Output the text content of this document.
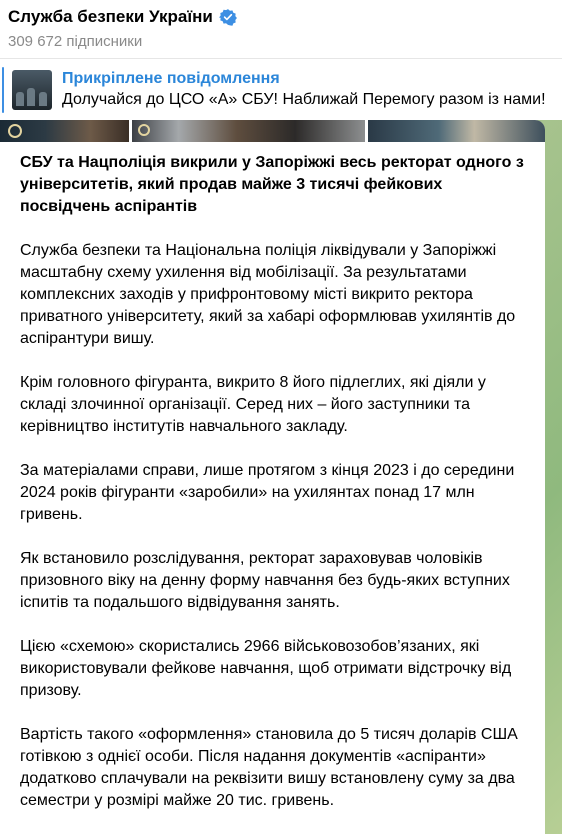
Служба безпеки України
309 672 підписники
Прикріплене повідомлення
Долучайся до ЦСО «А» СБУ! Наближай Перемогу разом із нами!
СБУ та Нацполіція викрили у Запоріжжі весь ректорат одного з університетів, який продав майже 3 тисячі фейкових посвідчень аспірантів
Служба безпеки та Національна поліція ліквідували у Запоріжжі масштабну схему ухилення від мобілізації. За результатами комплексних заходів у прифронтовому місті викрито ректора приватного університету, який за хабарі оформлював ухилянтів до аспірантури вишу.
Крім головного фігуранта, викрито 8 його підлеглих, які діяли у складі злочинної організації. Серед них – його заступники та керівництво інститутів навчального закладу.
За матеріалами справи, лише протягом з кінця 2023 і до середини 2024 років фігуранти «заробили» на ухилянтах понад 17 млн гривень.
Як встановило розслідування, ректорат зараховував чоловіків призовного віку на денну форму навчання без будь-яких вступних іспитів та подальшого відвідування занять.
Цією «схемою» скористались 2966 військовозобов’язаних, які використовували фейкове навчання, щоб отримати відстрочку від призову.
Вартість такого «оформлення» становила до 5 тисяч доларів США готівкою з однієї особи. Після надання документів «аспіранти» додатково сплачували на реквізити вишу встановлену суму за два семестри у розмірі майже 20 тис. гривень.
